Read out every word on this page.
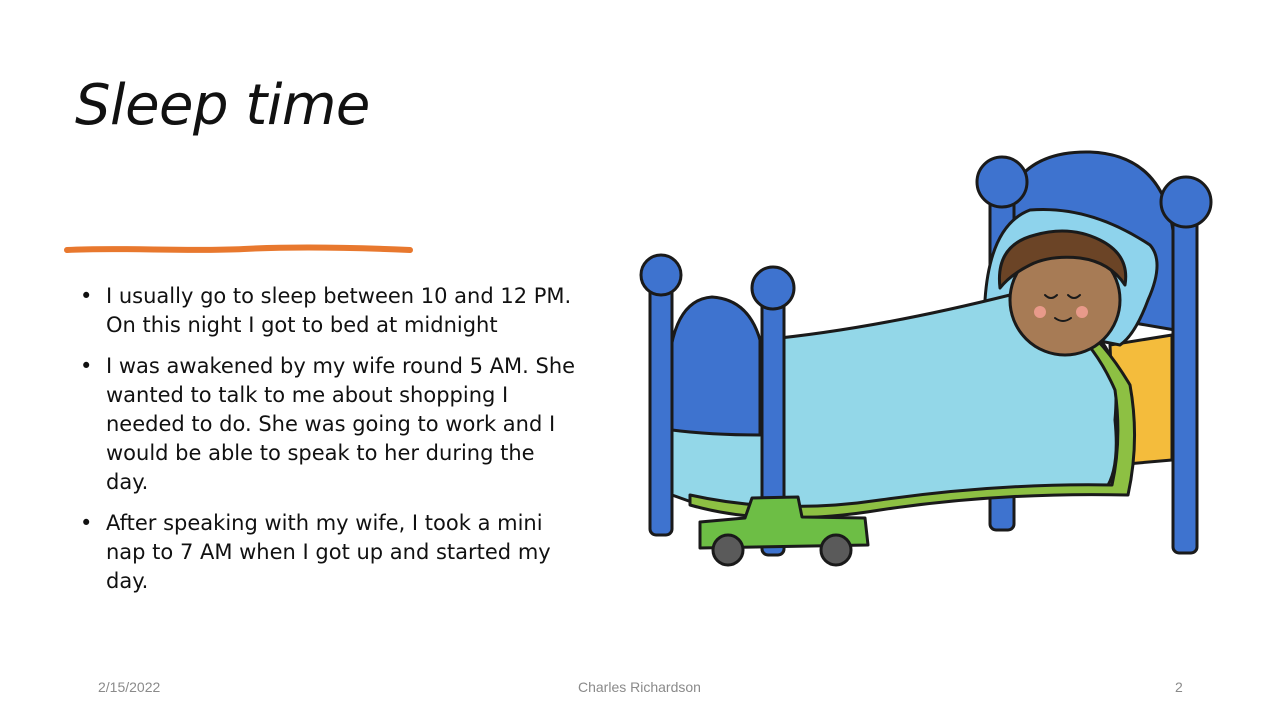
Sleep time
• I usually go to sleep between 10 and 12 PM. On this night I got to bed at midnight
• I was awakened by my wife round 5 AM. She wanted to talk to me about shopping I needed to do. She was going to work and I would be able to speak to her during the day.
• After speaking with my wife, I took a mini nap to 7 AM when I got up and started my day.
2/15/2022	Charles Richardson	2
